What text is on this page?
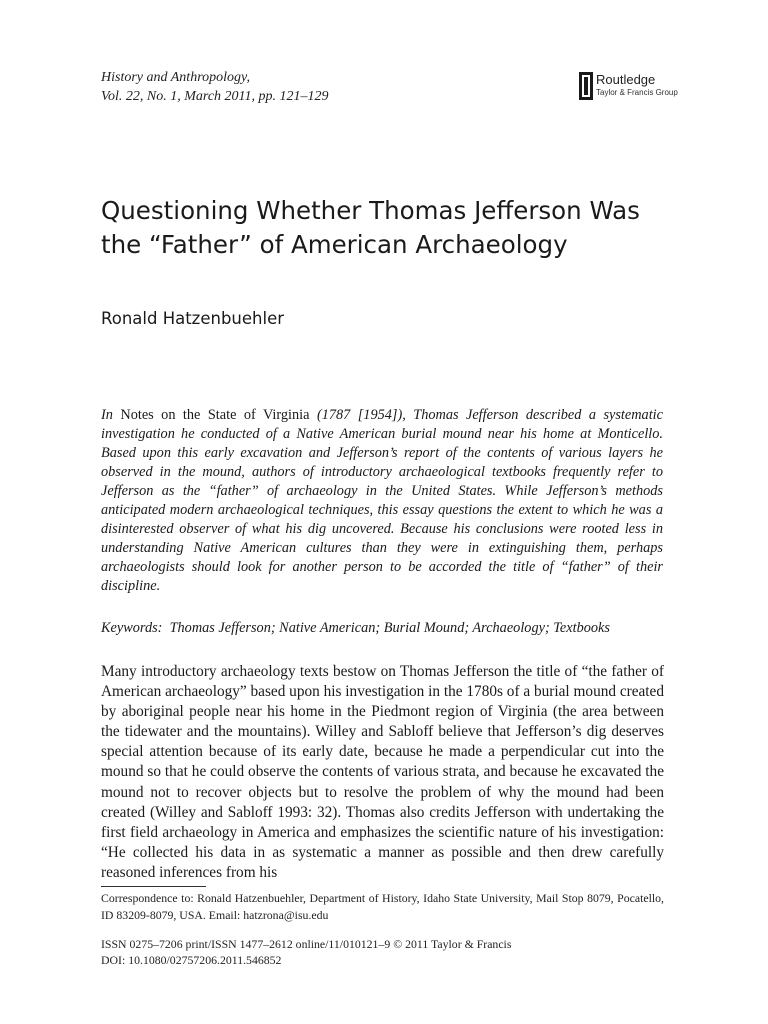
History and Anthropology,
Vol. 22, No. 1, March 2011, pp. 121–129
Routledge
Taylor & Francis Group
Questioning Whether Thomas Jefferson Was the “Father” of American Archaeology
Ronald Hatzenbuehler

In Notes on the State of Virginia (1787 [1954]), Thomas Jefferson described a systematic investigation he conducted of a Native American burial mound near his home at Monticello. Based upon this early excavation and Jefferson’s report of the contents of various layers he observed in the mound, authors of introductory archaeological textbooks frequently refer to Jefferson as the “father” of archaeology in the United States. While Jefferson’s methods anticipated modern archaeological techniques, this essay questions the extent to which he was a disinterested observer of what his dig uncovered. Because his conclusions were rooted less in understanding Native American cultures than they were in extinguishing them, perhaps archaeologists should look for another person to be accorded the title of “father” of their discipline.

Keywords: Thomas Jefferson; Native American; Burial Mound; Archaeology; Textbooks

Many introductory archaeology texts bestow on Thomas Jefferson the title of “the father of American archaeology” based upon his investigation in the 1780s of a burial mound created by aboriginal people near his home in the Piedmont region of Virginia (the area between the tidewater and the mountains). Willey and Sabloff believe that Jefferson’s dig deserves special attention because of its early date, because he made a perpendicular cut into the mound so that he could observe the contents of various strata, and because he excavated the mound not to recover objects but to resolve the problem of why the mound had been created (Willey and Sabloff 1993: 32). Thomas also credits Jefferson with undertaking the first field archaeology in America and emphasizes the scientific nature of his investigation: “He collected his data in as systematic a manner as possible and then drew carefully reasoned inferences from his

Correspondence to: Ronald Hatzenbuehler, Department of History, Idaho State University, Mail Stop 8079, Pocatello, ID 83209-8079, USA. Email: hatzrona@isu.edu

ISSN 0275–7206 print/ISSN 1477–2612 online/11/010121–9 © 2011 Taylor & Francis
DOI: 10.1080/02757206.2011.546852
